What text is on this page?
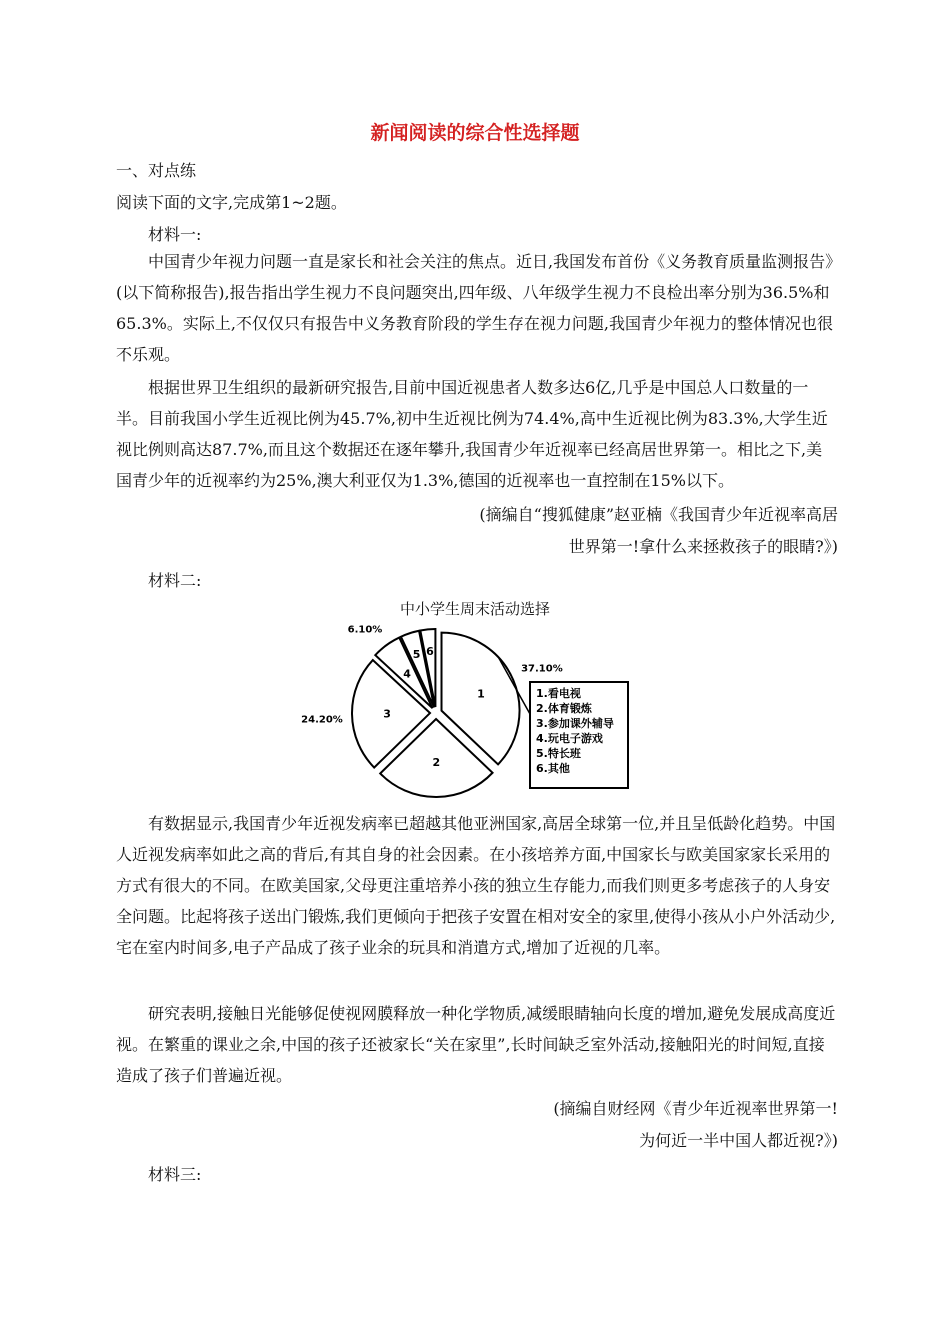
新闻阅读的综合性选择题
一、对点练
阅读下面的文字,完成第1~2题。
材料一:
中国青少年视力问题一直是家长和社会关注的焦点。近日,我国发布首份《义务教育质量监测报告》(以下简称报告),报告指出学生视力不良问题突出,四年级、八年级学生视力不良检出率分别为36.5%和65.3%。实际上,不仅仅只有报告中义务教育阶段的学生存在视力问题,我国青少年视力的整体情况也很不乐观。
根据世界卫生组织的最新研究报告,目前中国近视患者人数多达6亿,几乎是中国总人口数量的一半。目前我国小学生近视比例为45.7%,初中生近视比例为74.4%,高中生近视比例为83.3%,大学生近视比例则高达87.7%,而且这个数据还在逐年攀升,我国青少年近视率已经高居世界第一。相比之下,美国青少年的近视率约为25%,澳大利亚仅为1.3%,德国的近视率也一直控制在15%以下。
(摘编自“搜狐健康”赵亚楠《我国青少年近视率高居
世界第一!拿什么来拯救孩子的眼睛?》)
材料二:
中小学生周末活动选择
1
2
3
4
5 6
37.10%
24.20%
6.10%
1.看电视
2.体育锻炼
3.参加课外辅导
4.玩电子游戏
5.特长班
6.其他
有数据显示,我国青少年近视发病率已超越其他亚洲国家,高居全球第一位,并且呈低龄化趋势。中国人近视发病率如此之高的背后,有其自身的社会因素。在小孩培养方面,中国家长与欧美国家家长采用的方式有很大的不同。在欧美国家,父母更注重培养小孩的独立生存能力,而我们则更多考虑孩子的人身安全问题。比起将孩子送出门锻炼,我们更倾向于把孩子安置在相对安全的家里,使得小孩从小户外活动少,宅在室内时间多,电子产品成了孩子业余的玩具和消遣方式,增加了近视的几率。
研究表明,接触日光能够促使视网膜释放一种化学物质,减缓眼睛轴向长度的增加,避免发展成高度近视。在繁重的课业之余,中国的孩子还被家长“关在家里”,长时间缺乏室外活动,接触阳光的时间短,直接造成了孩子们普遍近视。
(摘编自财经网《青少年近视率世界第一!
为何近一半中国人都近视?》)
材料三:
